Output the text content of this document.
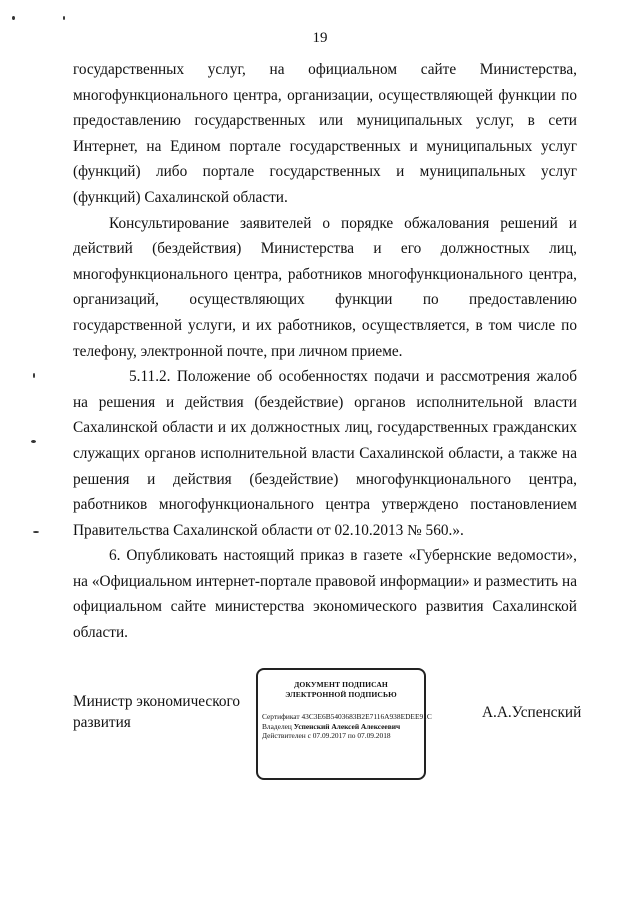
19

государственных услуг, на официальном сайте Министерства, многофункционального центра, организации, осуществляющей функции по предоставлению государственных или муниципальных услуг, в сети Интернет, на Едином портале государственных и муниципальных услуг (функций) либо портале государственных и муниципальных услуг (функций) Сахалинской области.

Консультирование заявителей о порядке обжалования решений и действий (бездействия) Министерства и его должностных лиц, многофункционального центра, работников многофункционального центра, организаций, осуществляющих функции по предоставлению государственной услуги, и их работников, осуществляется, в том числе по телефону, электронной почте, при личном приеме.

5.11.2. Положение об особенностях подачи и рассмотрения жалоб на решения и действия (бездействие) органов исполнительной власти Сахалинской области и их должностных лиц, государственных гражданских служащих органов исполнительной власти Сахалинской области, а также на решения и действия (бездействие) многофункционального центра, работников многофункционального центра утверждено постановлением Правительства Сахалинской области от 02.10.2013 № 560.».

6. Опубликовать настоящий приказ в газете «Губернские ведомости», на «Официальном интернет-портале правовой информации» и разместить на официальном сайте министерства экономического развития Сахалинской области.

Министр экономического развития
ДОКУМЕНТ ПОДПИСАН
ЭЛЕКТРОННОЙ ПОДПИСЬЮ
Сертификат 43C3E6B5403683B2E7116A938EDEE91C
Владелец Успенский Алексей Алексеевич
Действителен с 07.09.2017 по 07.09.2018
А.А.Успенский
